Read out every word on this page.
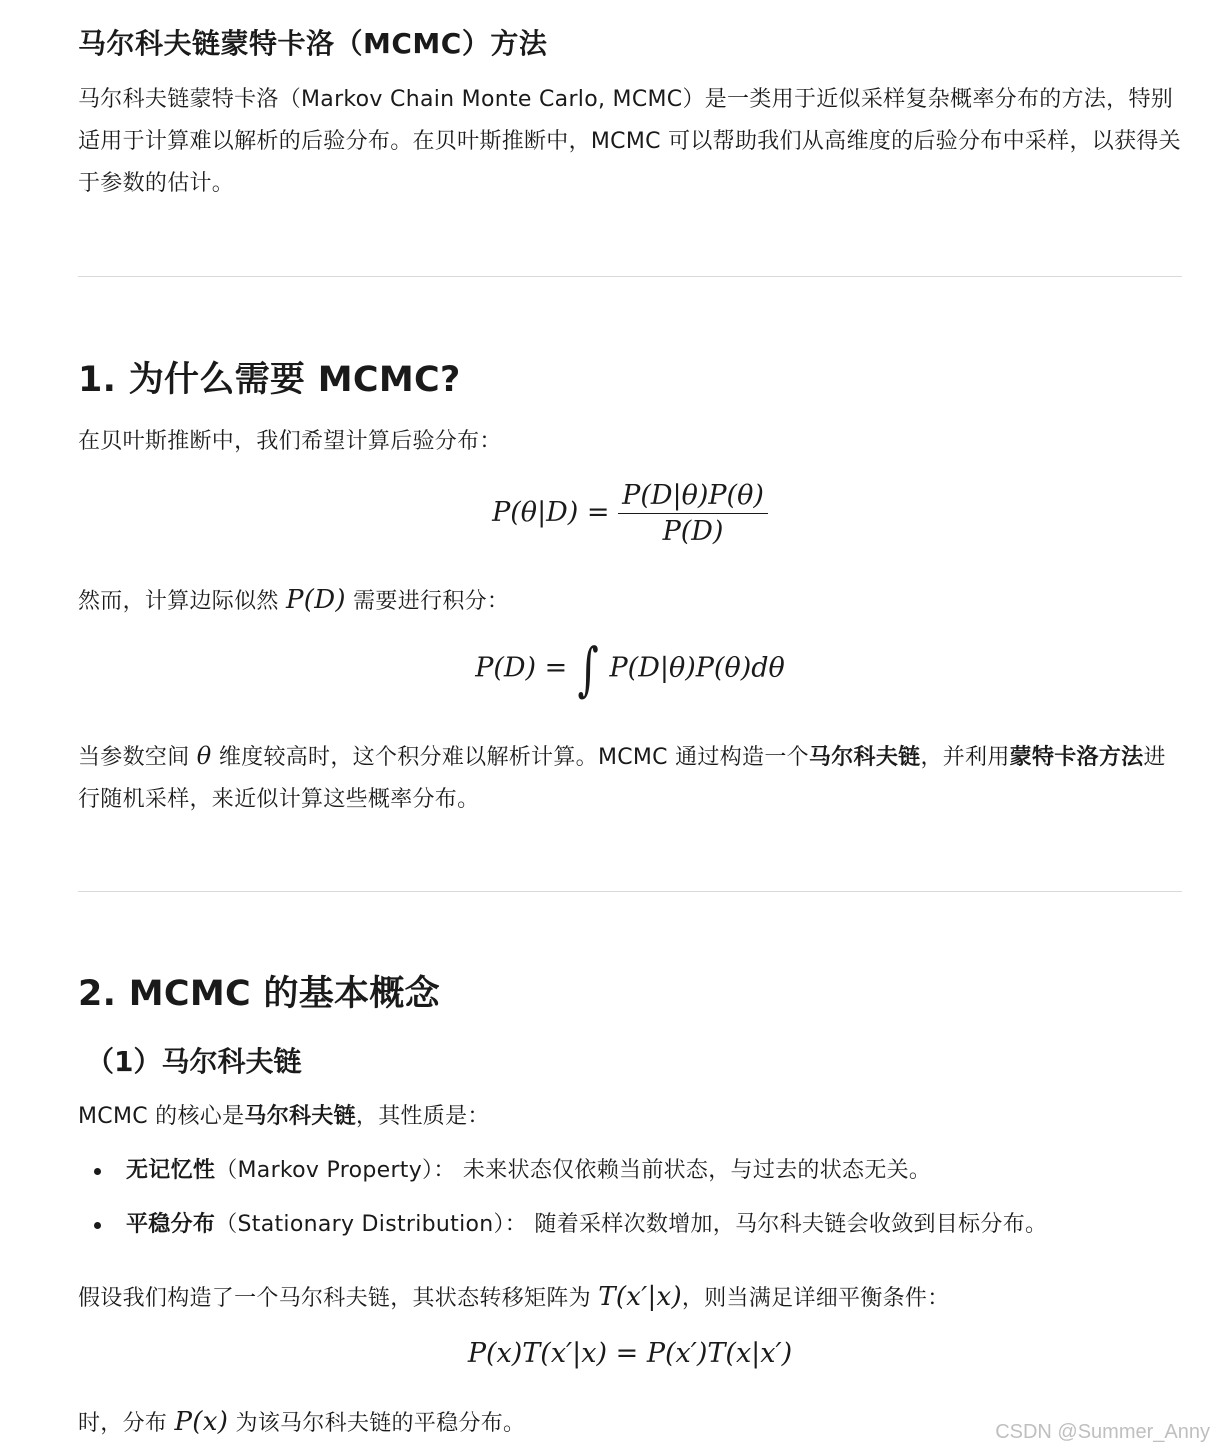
马尔科夫链蒙特卡洛（MCMC）方法
马尔科夫链蒙特卡洛（Markov Chain Monte Carlo, MCMC）是一类用于近似采样复杂概率分布的方法，特别适用于计算难以解析的后验分布。在贝叶斯推断中，MCMC 可以帮助我们从高维度的后验分布中采样，以获得关于参数的估计。
1. 为什么需要 MCMC?
在贝叶斯推断中，我们希望计算后验分布：
$P(\theta|D) = \frac{P(D|\theta)P(\theta)}{P(D)}$
然而，计算边际似然 P(D) 需要进行积分：
P(D) = ∫ P(D|θ)P(θ)dθ
当参数空间 θ 维度较高时，这个积分难以解析计算。MCMC 通过构造一个马尔科夫链，并利用蒙特卡洛方法进行随机采样，来近似计算这些概率分布。
2. MCMC 的基本概念
（1）马尔科夫链
MCMC 的核心是马尔科夫链，其性质是：
无记忆性（Markov Property）： 未来状态仅依赖当前状态，与过去的状态无关。
平稳分布（Stationary Distribution）： 随着采样次数增加，马尔科夫链会收敛到目标分布。
假设我们构造了一个马尔科夫链，其状态转移矩阵为 T(x′|x)，则当满足详细平衡条件：
P(x)T(x′|x) = P(x′)T(x|x′)
时，分布 P(x) 为该马尔科夫链的平稳分布。	CSDN @Summer_Anny
